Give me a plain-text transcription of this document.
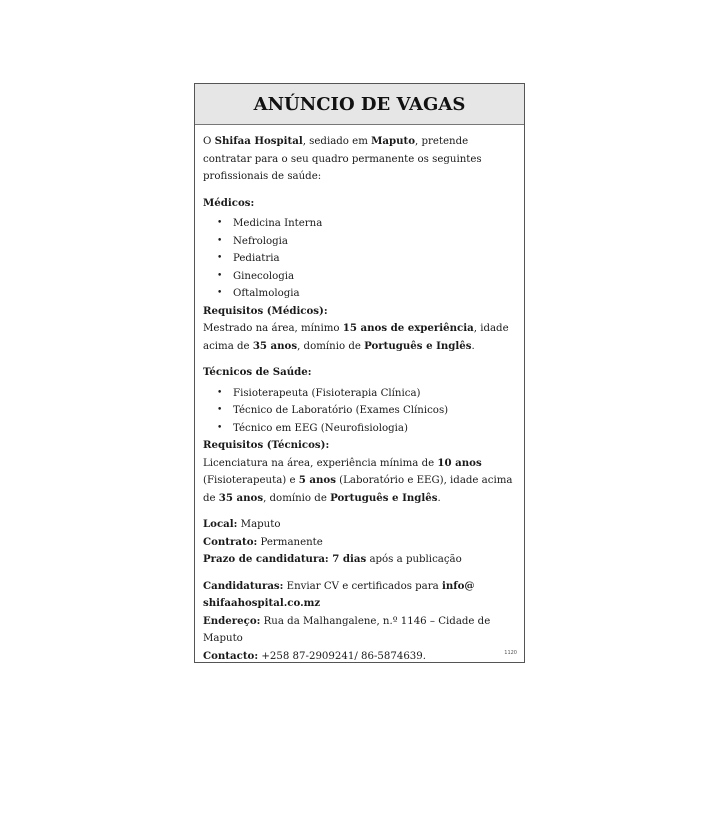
ANÚNCIO DE VAGAS

O Shifaa Hospital, sediado em Maputo, pretende contratar para o seu quadro permanente os seguintes profissionais de saúde:

Médicos:

• Medicina Interna
• Nefrologia
• Pediatria
• Ginecologia
• Oftalmologia

Requisitos (Médicos):

Mestrado na área, mínimo 15 anos de experiência, idade acima de 35 anos, domínio de Português e Inglês.

Técnicos de Saúde:

• Fisioterapeuta (Fisioterapia Clínica)
• Técnico de Laboratório (Exames Clínicos)
• Técnico em EEG (Neurofisiologia)

Requisitos (Técnicos):

Licenciatura na área, experiência mínima de 10 anos (Fisioterapeuta) e 5 anos (Laboratório e EEG), idade acima de 35 anos, domínio de Português e Inglês.

Local: Maputo

Contrato: Permanente

Prazo de candidatura: 7 dias após a publicação

Candidaturas: Enviar CV e certificados para info@ shifaahospital.co.mz

Endereço: Rua da Malhangalene, n.º 1146 – Cidade de Maputo

Contacto: +258 87-2909241/ 86-5874639.	1120
